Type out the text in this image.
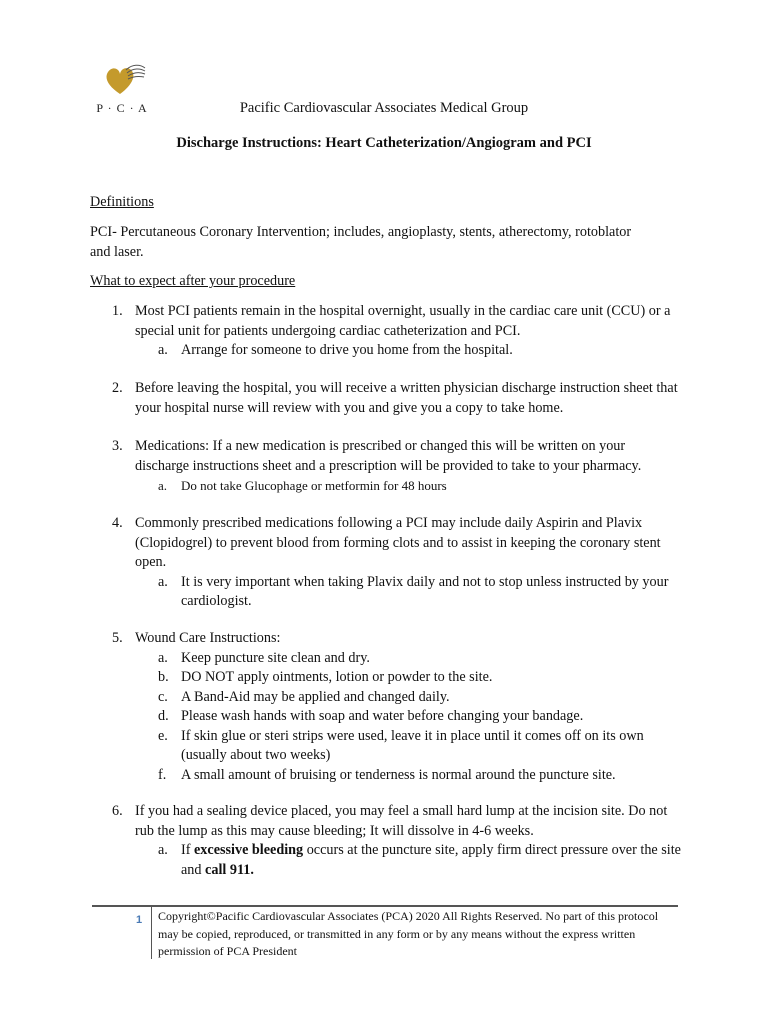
P · C · A	Pacific Cardiovascular Associates Medical Group
Discharge Instructions: Heart Catheterization/Angiogram and PCI
Definitions
PCI- Percutaneous Coronary Intervention; includes, angioplasty, stents, atherectomy, rotoblator
and laser.
What to expect after your procedure
1. Most PCI patients remain in the hospital overnight, usually in the cardiac care unit (CCU) or a special unit for patients undergoing cardiac catheterization and PCI.
a. Arrange for someone to drive you home from the hospital.
2. Before leaving the hospital, you will receive a written physician discharge instruction sheet that your hospital nurse will review with you and give you a copy to take home.
3. Medications: If a new medication is prescribed or changed this will be written on your discharge instructions sheet and a prescription will be provided to take to your pharmacy.
a. Do not take Glucophage or metformin for 48 hours
4. Commonly prescribed medications following a PCI may include daily Aspirin and Plavix (Clopidogrel) to prevent blood from forming clots and to assist in keeping the coronary stent open.
a. It is very important when taking Plavix daily and not to stop unless instructed by your cardiologist.
5. Wound Care Instructions:
a. Keep puncture site clean and dry.
b. DO NOT apply ointments, lotion or powder to the site.
c. A Band-Aid may be applied and changed daily.
d. Please wash hands with soap and water before changing your bandage.
e. If skin glue or steri strips were used, leave it in place until it comes off on its own (usually about two weeks)
f. A small amount of bruising or tenderness is normal around the puncture site.
6. If you had a sealing device placed, you may feel a small hard lump at the incision site. Do not rub the lump as this may cause bleeding; It will dissolve in 4-6 weeks.
a. If excessive bleeding occurs at the puncture site, apply firm direct pressure over the site and call 911.
1 Copyright©Pacific Cardiovascular Associates (PCA) 2020 All Rights Reserved. No part of this protocol may be copied, reproduced, or transmitted in any form or by any means without the express written permission of PCA President
